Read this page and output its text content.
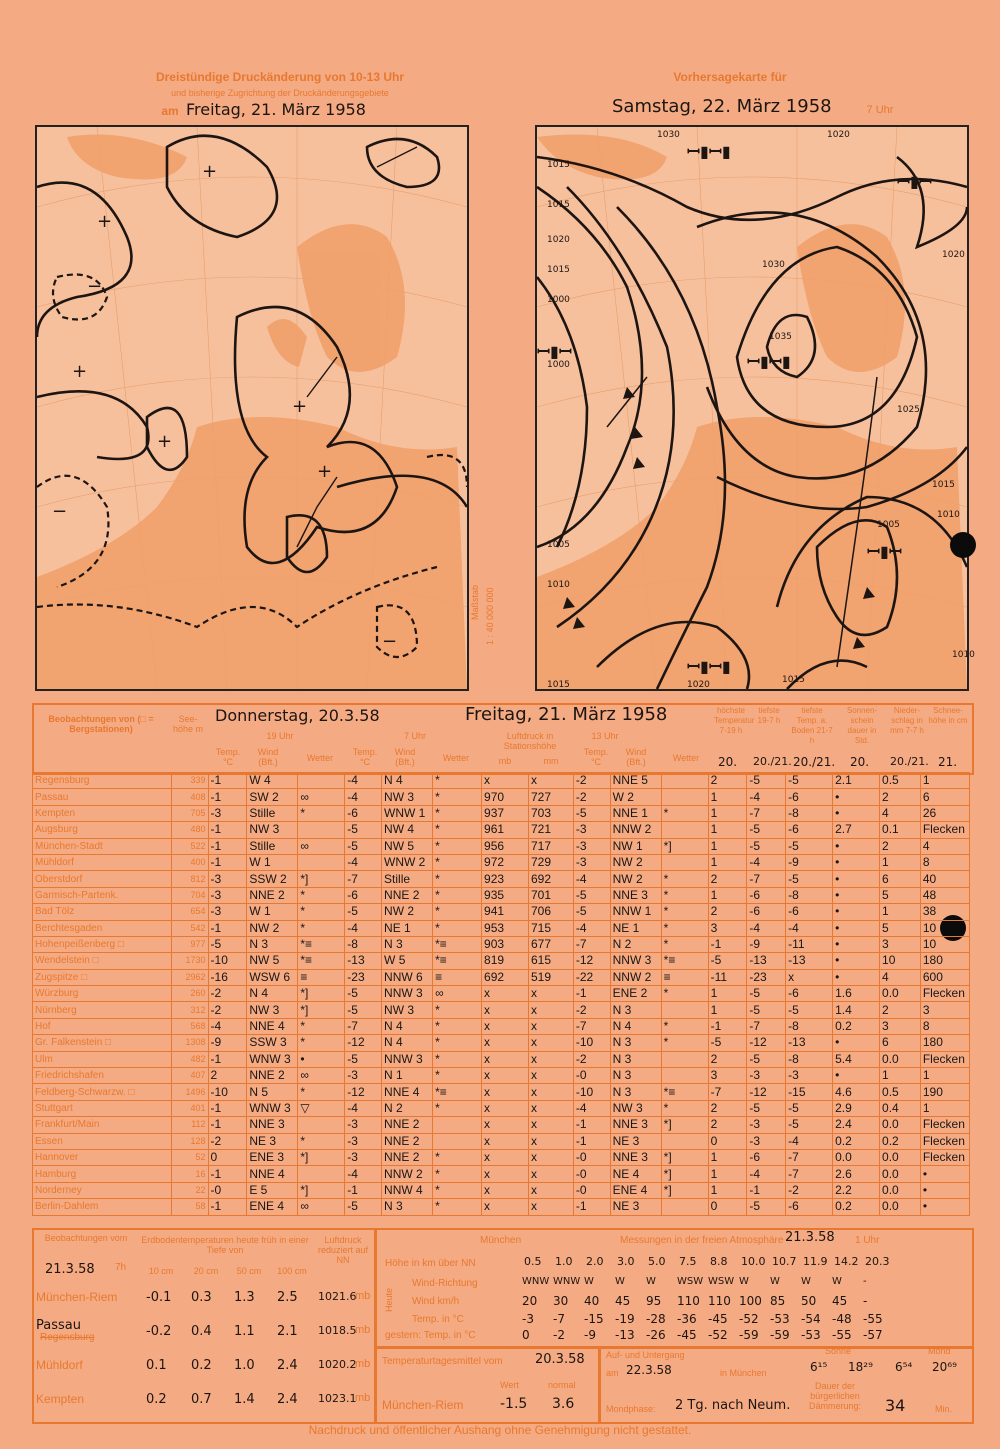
Dreistündige Druckänderung von 10-13 Uhr
und bisherige Zugrichtung der Druckänderungsgebiete
am Freitag, 21. März 1958
Vorhersagekarte für
Samstag, 22. März 1958	7 Uhr
+
+
−
+
+
+
−
+
−
Maßstab 1 : 40 000 000
ꟷ▮ꟷ▮
ꟷ▮ꟷ
ꟷ▮ꟷ
ꟷ▮ꟷ▮
ꟷ▮ꟷ
ꟷ▮ꟷ▮
1030	1020
1015
1015
1020
1015
1000
1000
1005
1010
1030
1035
1025
1020
1015
1010
1005
1015
1020
1015
1010
Beobachtungen von (□ = Bergstationen)
See- höhe m
Donnerstag, 20.3.58	Freitag, 21. März 1958
19 Uhr	7 Uhr	Luftdruck in Stationshöhe
13 Uhr
Temp. °C
Wind (Bft.)	Wetter
Temp. °C
Wind (Bft.)	Wetter	mb	mm
Temp. °C
Wind (Bft.)	Wetter
höchste Temperatur 7-19 h
tiefste 19-7 h
tiefste Temp. a. Boden 21-7 h
Sonnen- schein dauer in Std.
Nieder- schlag in mm 7-7 h
Schnee- höhe in cm
20. 20./21. 20./21. 20. 20./21. 21.
Regensburg	339	-1	W 4		-4	N 4	*	x	x	-2	NNE 5		2	-5	-5	2.1	0.5	1
Passau	408	-1	SW 2	∞	-4	NW 3	*	970	727	-2	W 2		1	-4	-6	•	2	6
Kempten	705	-3	Stille	*	-6	WNW 1	*	937	703	-5	NNE 1	*	1	-7	-8	•	4	26
Augsburg	480	-1	NW 3		-5	NW 4	*	961	721	-3	NNW 2		1	-5	-6	2.7	0.1	Flecken
München-Stadt	522	-1	Stille	∞	-5	NW 5	*	956	717	-3	NW 1	*]	1	-5	-5	•	2	4
Mühldorf	400	-1	W 1		-4	WNW 2	*	972	729	-3	NW 2		1	-4	-9	•	1	8
Oberstdorf	812	-3	SSW 2	*]	-7	Stille	*	923	692	-4	NW 2	*	2	-7	-5	•	6	40
Garmisch-Partenk.	704	-3	NNE 2	*	-6	NNE 2	*	935	701	-5	NNE 3	*	1	-6	-8	•	5	48
Bad Tölz	654	-3	W 1	*	-5	NW 2	*	941	706	-5	NNW 1	*	2	-6	-6	•	1	38
Berchtesgaden	542	-1	NW 2	*	-4	NE 1	*	953	715	-4	NE 1	*	3	-4	-4	•	5	10
Hohenpeißenberg □	977	-5	N 3	*≡	-8	N 3	*≡	903	677	-7	N 2	*	-1	-9	-11	•	3	10
Wendelstein □	1730	-10	NW 5	*≡	-13	W 5	*≡	819	615	-12	NNW 3	*≡	-5	-13	-13	•	10	180
Zugspitze □	2962	-16	WSW 6	≡	-23	NNW 6	≡	692	519	-22	NNW 2	≡	-11	-23	x	•	4	600
Würzburg	260	-2	N 4	*]	-5	NNW 3	∞	x	x	-1	ENE 2	*	1	-5	-6	1.6	0.0	Flecken
Nürnberg	312	-2	NW 3	*]	-5	NW 3	*	x	x	-2	N 3		1	-5	-5	1.4	2	3
Hof	568	-4	NNE 4	*	-7	N 4	*	x	x	-7	N 4	*	-1	-7	-8	0.2	3	8
Gr. Falkenstein □	1308	-9	SSW 3	*	-12	N 4	*	x	x	-10	N 3	*	-5	-12	-13	•	6	180
Ulm	482	-1	WNW 3	•	-5	NNW 3	*	x	x	-2	N 3		2	-5	-8	5.4	0.0	Flecken
Friedrichshafen	407	2	NNE 2	∞	-3	N 1	*	x	x	-0	N 3		3	-3	-3	•	1	1
Feldberg-Schwarzw. □	1496	-10	N 5	*	-12	NNE 4	*≡	x	x	-10	N 3	*≡	-7	-12	-15	4.6	0.5	190
Stuttgart	401	-1	WNW 3	▽	-4	N 2	*	x	x	-4	NW 3	*	2	-5	-5	2.9	0.4	1
Frankfurt/Main	112	-1	NNE 3		-3	NNE 2		x	x	-1	NNE 3	*]	2	-3	-5	2.4	0.0	Flecken
Essen	128	-2	NE 3	*	-3	NNE 2		x	x	-1	NE 3		0	-3	-4	0.2	0.2	Flecken
Hannover	52	0	ENE 3	*]	-3	NNE 2	*	x	x	-0	NNE 3	*]	1	-6	-7	0.0	0.0	Flecken
Hamburg	16	-1	NNE 4		-4	NNW 2	*	x	x	-0	NE 4	*]	1	-4	-7	2.6	0.0	•
Norderney	22	-0	E 5	*]	-1	NNW 4	*	x	x	-0	ENE 4	*]	1	-1	-2	2.2	0.0	•
Berlin-Dahlem	58	-1	ENE 4	∞	-5	N 3	*	x	x	-1	NE 3		0	-5	-6	0.2	0.0	•
Beobachtungen vom
21.3.58 7h
Erdbodentemperaturen heute früh in einer Tiefe von
Luftdruck reduziert auf NN
10 cm	20 cm	50 cm	100 cm
München-Riem -0.1 0.3 1.3 2.5 1021.6
mb
Passau
Regensburg	-0.2 0.4 1.1 2.1 1018.5
mb
Mühldorf	0.1 0.2 1.0 2.4 1020.2
mb
Kempten	0.2 0.7 1.4 2.4 1023.1
mb
München	Messungen in der freien Atmosphäre 21.3.58 1 Uhr
Höhe in km über NN
Heute
0.5 1.0 2.0 3.0 5.0 7.5 8.8 10.0 10.7 11.9 14.2 20.3
Wind-Richtung	WNW WNW W W W WSW WSW W W W W -
Wind km/h	20 30 40 45 95 110 110 100 85 50 45 -
Temp. in °C	-3 -7 -15 -19 -28 -36 -45 -52 -53 -54 -48 -55
gestern: Temp. in °C	0 -2 -9 -13 -26 -45 -52 -59 -59 -53 -55 -57
Temperaturtagesmittel vom 20.3.58
München-Riem
Wert
-1.5
normal
3.6
Auf- und Untergang
am 22.3.58	in München
Sonne
6¹⁵ 18²⁹
Mond
6⁵⁴ 20⁶⁹
Mondphase: 2 Tg. nach Neum.
Dauer der bürgerlichen Dämmerung:	34	Min.
Nachdruck und öffentlicher Aushang ohne Genehmigung nicht gestattet.
